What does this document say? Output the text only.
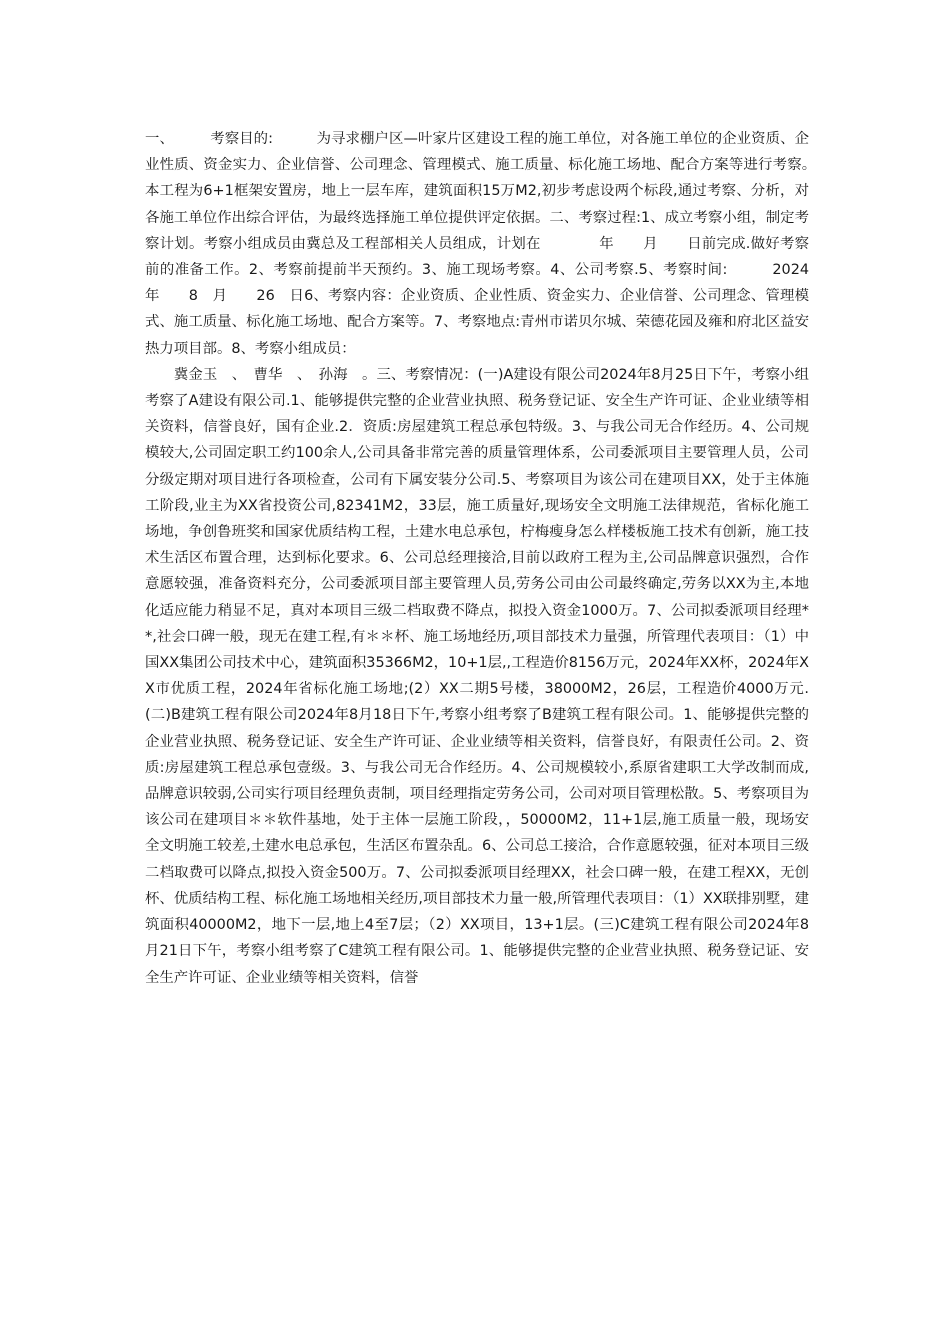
一、　　　考察目的:　　　为寻求棚户区—叶家片区建设工程的施工单位，对各施工单位的企业资质、企业性质、资金实力、企业信誉、公司理念、管理模式、施工质量、标化施工场地、配合方案等进行考察。　　　　　　　　本工程为6+1框架安置房，地上一层车库，建筑面积15万M2,初步考虑设两个标段,通过考察、分析，对各施工单位作出综合评估，为最终选择施工单位提供评定依据。二、考察过程:1、成立考察小组，制定考察计划。考察小组成员由冀总及工程部相关人员组成，计划在　　　　年　　月　　日前完成.做好考察前的准备工作。2、考察前提前半天预约。3、施工现场考察。4、公司考察.5、考察时间:　　　2024　年　　8　月　　26　日6、考察内容：企业资质、企业性质、资金实力、企业信誉、公司理念、管理模式、施工质量、标化施工场地、配合方案等。7、考察地点:青州市诺贝尔城、荣德花园及雍和府北区益安热力项目部。8、考察小组成员：

　　冀金玉　、　曹华　、　孙海　。三、考察情况：(一)A建设有限公司2024年8月25日下午，考察小组考察了A建设有限公司.1、能够提供完整的企业营业执照、税务登记证、安全生产许可证、企业业绩等相关资料，信誉良好，国有企业.2．资质:房屋建筑工程总承包特级。3、与我公司无合作经历。4、公司规模较大,公司固定职工约100余人,公司具备非常完善的质量管理体系，公司委派项目主要管理人员，公司分级定期对项目进行各项检查，公司有下属安装分公司.5、考察项目为该公司在建项目XX，处于主体施工阶段,业主为XX省投资公司,82341M2，33层，施工质量好,现场安全文明施工法律规范，省标化施工场地，争创鲁班奖和国家优质结构工程，土建水电总承包，柠梅瘦身怎么样楼板施工技术有创新，施工技术生活区布置合理，达到标化要求。6、公司总经理接洽,目前以政府工程为主,公司品牌意识强烈，合作意愿较强，准备资料充分，公司委派项目部主要管理人员,劳务公司由公司最终确定,劳务以XX为主,本地化适应能力稍显不足，真对本项目三级二档取费不降点，拟投入资金1000万。7、公司拟委派项目经理**,社会口碑一般，现无在建工程,有＊＊杯、施工场地经历,项目部技术力量强，所管理代表项目：（1）中国XX集团公司技术中心，建筑面积35366M2，10+1层,,工程造价8156万元，2024年XX杯，2024年XX市优质工程，2024年省标化施工场地;(2）XX二期5号楼，38000M2，26层，工程造价4000万元.(二)B建筑工程有限公司2024年8月18日下午,考察小组考察了B建筑工程有限公司。1、能够提供完整的企业营业执照、税务登记证、安全生产许可证、企业业绩等相关资料，信誉良好，有限责任公司。2、资质:房屋建筑工程总承包壹级。3、与我公司无合作经历。4、公司规模较小,系原省建职工大学改制而成,品牌意识较弱,公司实行项目经理负责制，项目经理指定劳务公司，公司对项目管理松散。5、考察项目为该公司在建项目＊＊软件基地，处于主体一层施工阶段，，50000M2，11+1层,施工质量一般，现场安全文明施工较差,土建水电总承包，生活区布置杂乱。6、公司总工接洽，合作意愿较强，征对本项目三级二档取费可以降点,拟投入资金500万。7、公司拟委派项目经理XX，社会口碑一般，在建工程XX，无创杯、优质结构工程、标化施工场地相关经历,项目部技术力量一般,所管理代表项目：（1）XX联排别墅，建筑面积40000M2，地下一层,地上4至7层；（2）XX项目，13+1层。(三)C建筑工程有限公司2024年8月21日下午，考察小组考察了C建筑工程有限公司。1、能够提供完整的企业营业执照、税务登记证、安全生产许可证、企业业绩等相关资料，信誉
